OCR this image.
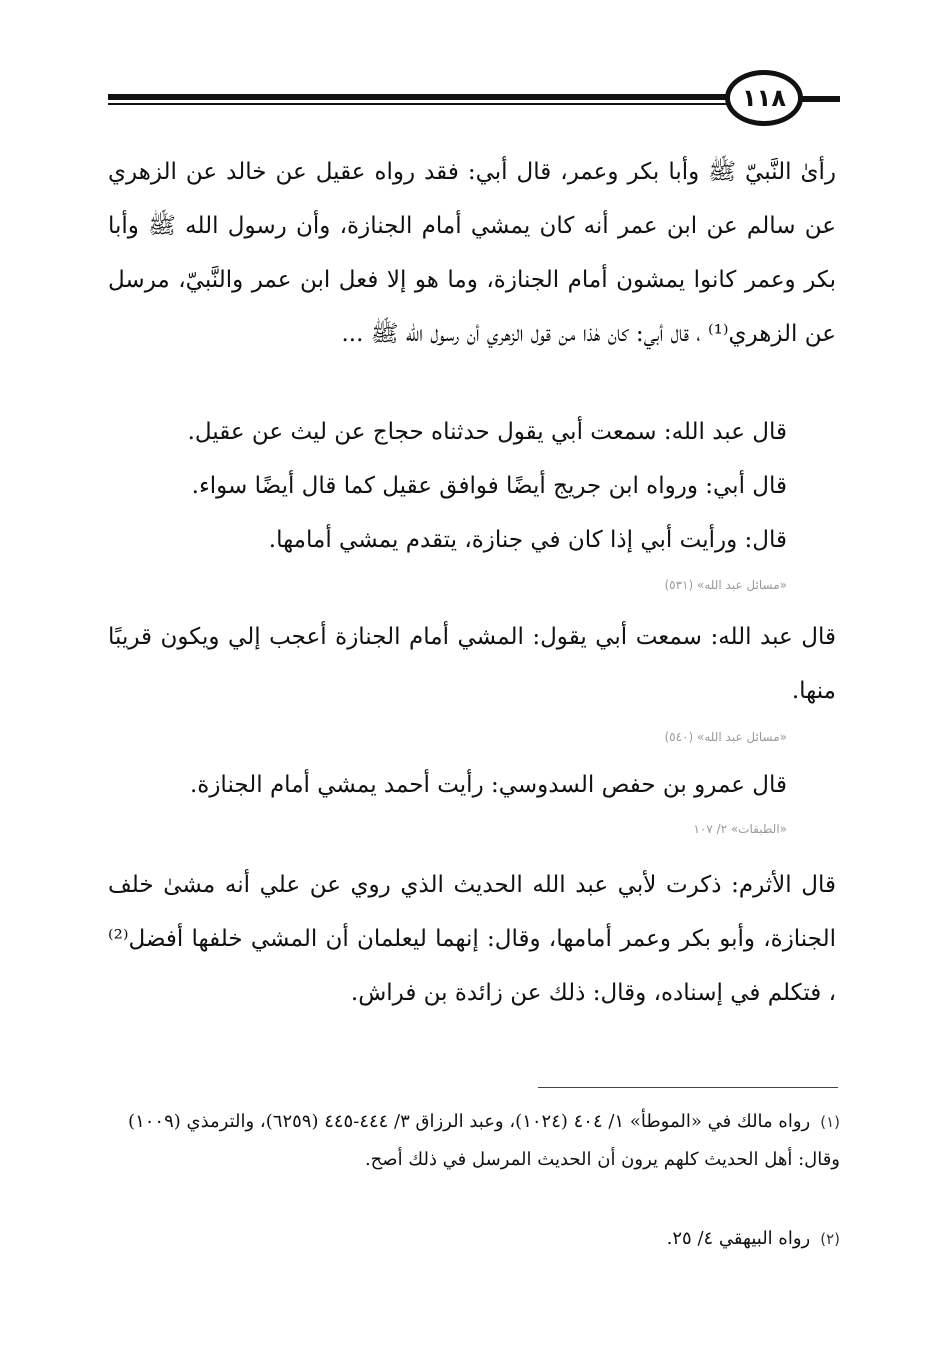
١١٨
رأىٰ النَّبيّ ﷺ وأبا بكر وعمر، قال أبي: فقد رواه عقيل عن خالد عن الزهري عن سالم عن ابن عمر أنه كان يمشي أمام الجنازة، وأن رسول الله ﷺ وأبا بكر وعمر كانوا يمشون أمام الجنازة، وما هو إلا فعل ابن عمر والنَّبيّ، مرسل عن الزهري⁽¹⁾ ، قال أبي: كان هٰذا من قول الزهري أن رسول الله ﷺ ...
قال عبد الله: سمعت أبي يقول حدثناه حجاج عن ليث عن عقيل.
قال أبي: ورواه ابن جريج أيضًا فوافق عقيل كما قال أيضًا سواء.
قال: ورأيت أبي إذا كان في جنازة، يتقدم يمشي أمامها.
«مسائل عبد الله» (٥٣١)
قال عبد الله: سمعت أبي يقول: المشي أمام الجنازة أعجب إلي ويكون قريبًا منها.
«مسائل عبد الله» (٥٤٠)
قال عمرو بن حفص السدوسي: رأيت أحمد يمشي أمام الجنازة.
«الطبقات» ٢/ ١٠٧
قال الأثرم: ذكرت لأبي عبد الله الحديث الذي روي عن علي أنه مشىٰ خلف الجنازة، وأبو بكر وعمر أمامها، وقال: إنهما ليعلمان أن المشي خلفها أفضل⁽²⁾ ، فتكلم في إسناده، وقال: ذلك عن زائدة بن فراش.
(١)رواه مالك في «الموطأ» ١/ ٤٠٤ (١٠٢٤)، وعبد الرزاق ٣/ ٤٤٤-٤٤٥ (٦٢٥٩)، والترمذي (١٠٠٩) وقال: أهل الحديث كلهم يرون أن الحديث المرسل في ذلك أصح.
(٢)رواه البيهقي ٤/ ٢٥.
